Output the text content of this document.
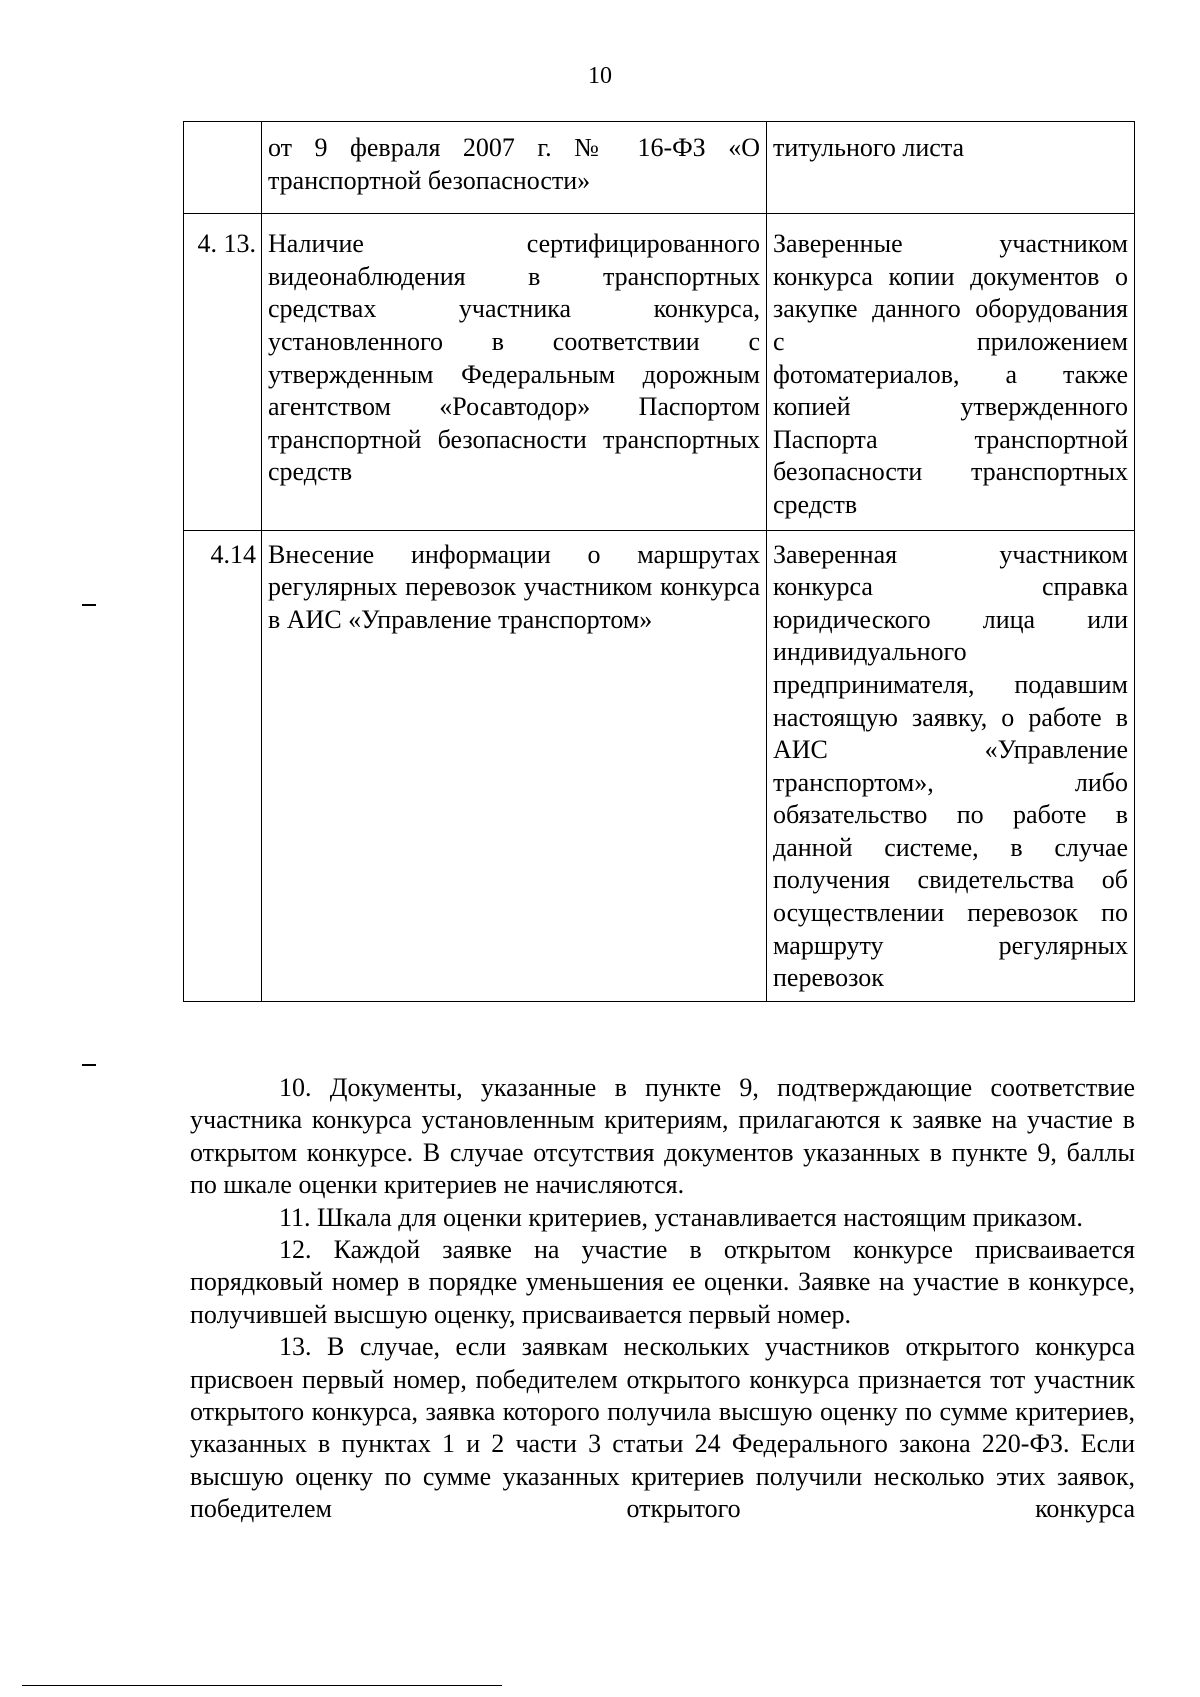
10
	от 9 февраля 2007 г. № 16-ФЗ «О транспортной безопасности»	титульного листа
4. 13.	Наличие сертифицированного видеонаблюдения в транспортных средствах участника конкурса, установленного в соответствии с утвержденным Федеральным дорожным агентством «Росавтодор» Паспортом транспортной безопасности транспортных средств	Заверенные участником конкурса копии документов о закупке данного оборудования с приложением фотоматериалов, а также копией утвержденного Паспорта транспортной безопасности транспортных средств
4.14	Внесение информации о маршрутах регулярных перевозок участником конкурса в АИС «Управление транспортом»	Заверенная участником конкурса справка юридического лица или индивидуального предпринимателя, подавшим настоящую заявку, о работе в АИС «Управление транспортом», либо обязательство по работе в данной системе, в случае получения свидетельства об осуществлении перевозок по маршруту регулярных перевозок

10. Документы, указанные в пункте 9, подтверждающие соответствие участника конкурса установленным критериям, прилагаются к заявке на участие в открытом конкурсе. В случае отсутствия документов указанных в пункте 9, баллы по шкале оценки критериев не начисляются.

11. Шкала для оценки критериев, устанавливается настоящим приказом.

12. Каждой заявке на участие в открытом конкурсе присваивается порядковый номер в порядке уменьшения ее оценки. Заявке на участие в конкурсе, получившей высшую оценку, присваивается первый номер.

13. В случае, если заявкам нескольких участников открытого конкурса присвоен первый номер, победителем открытого конкурса признается тот участник открытого конкурса, заявка которого получила высшую оценку по сумме критериев, указанных в пунктах 1 и 2 части 3 статьи 24 Федерального закона 220-ФЗ. Если высшую оценку по сумме указанных критериев получили несколько этих заявок, победителем открытого конкурса
